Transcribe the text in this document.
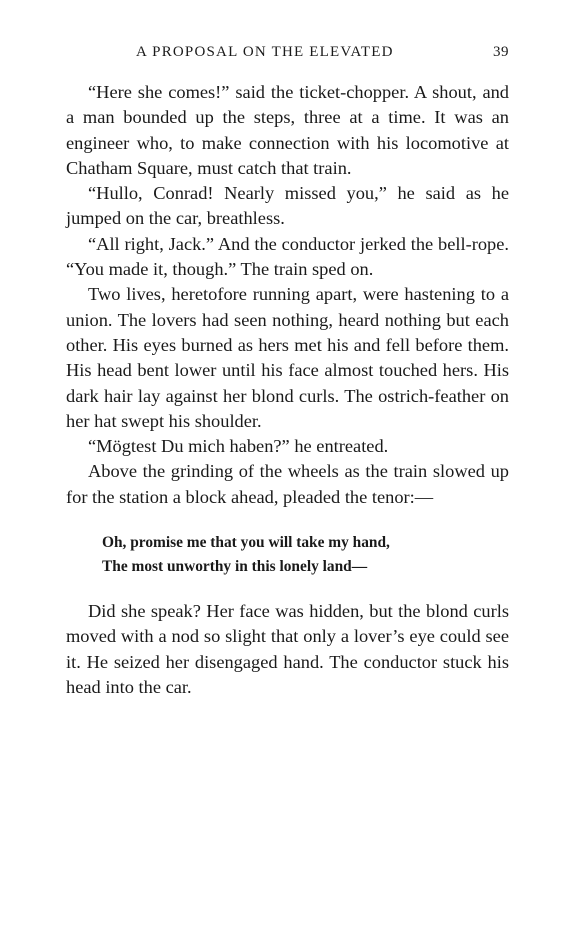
A PROPOSAL ON THE ELEVATED	39

“Here she comes!” said the ticket-chopper. A shout, and a man bounded up the steps, three at a time. It was an engineer who, to make connection with his locomotive at Chatham Square, must catch that train.

“Hullo, Conrad! Nearly missed you,” he said as he jumped on the car, breathless.

“All right, Jack.” And the conductor jerked the bell-rope. “You made it, though.” The train sped on.

Two lives, heretofore running apart, were hastening to a union. The lovers had seen nothing, heard nothing but each other. His eyes burned as hers met his and fell before them. His head bent lower until his face almost touched hers. His dark hair lay against her blond curls. The ostrich-feather on her hat swept his shoulder.

“Mögtest Du mich haben?” he entreated.

Above the grinding of the wheels as the train slowed up for the station a block ahead, pleaded the tenor:—

Oh, promise me that you will take my hand,
The most unworthy in this lonely land—

Did she speak? Her face was hidden, but the blond curls moved with a nod so slight that only a lover’s eye could see it. He seized her disengaged hand. The conductor stuck his head into the car.
